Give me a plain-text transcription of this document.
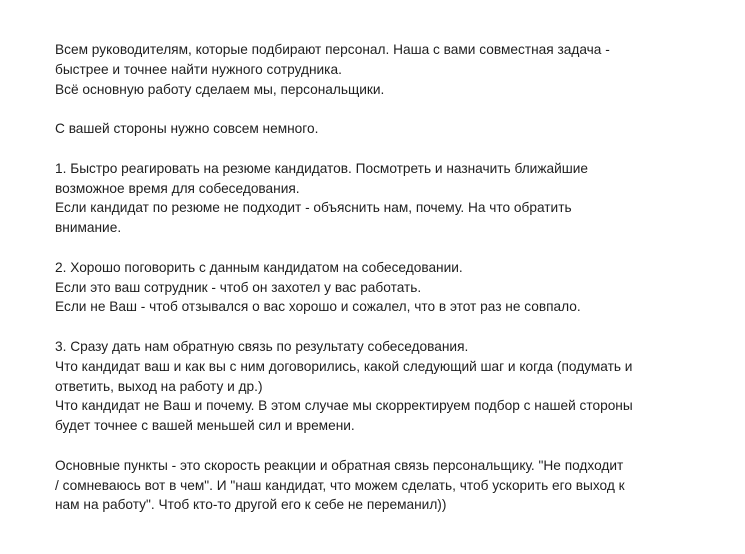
Всем руководителям, которые подбирают персонал. Наша с вами совместная задача -
быстрее и точнее найти нужного сотрудника.
Всё основную работу сделаем мы, персональщики.
С вашей стороны нужно совсем немного.
1. Быстро реагировать на резюме кандидатов. Посмотреть и назначить ближайшие
возможное время для собеседования.
Если кандидат по резюме не подходит - объяснить нам, почему. На что обратить
внимание.
2. Хорошо поговорить с данным кандидатом на собеседовании.
Если это ваш сотрудник - чтоб он захотел у вас работать.
Если не Ваш - чтоб отзывался о вас хорошо и сожалел, что в этот раз не совпало.
3. Сразу дать нам обратную связь по результату собеседования.
Что кандидат ваш и как вы с ним договорились, какой следующий шаг и когда (подумать и
ответить, выход на работу и др.)
Что кандидат не Ваш и почему. В этом случае мы скорректируем подбор с нашей стороны
будет точнее с вашей меньшей сил и времени.
Основные пункты - это скорость реакции и обратная связь персональщику. "Не подходит
/ сомневаюсь вот в чем". И "наш кандидат, что можем сделать, чтоб ускорить его выход к
нам на работу". Чтоб кто-то другой его к себе не переманил))
